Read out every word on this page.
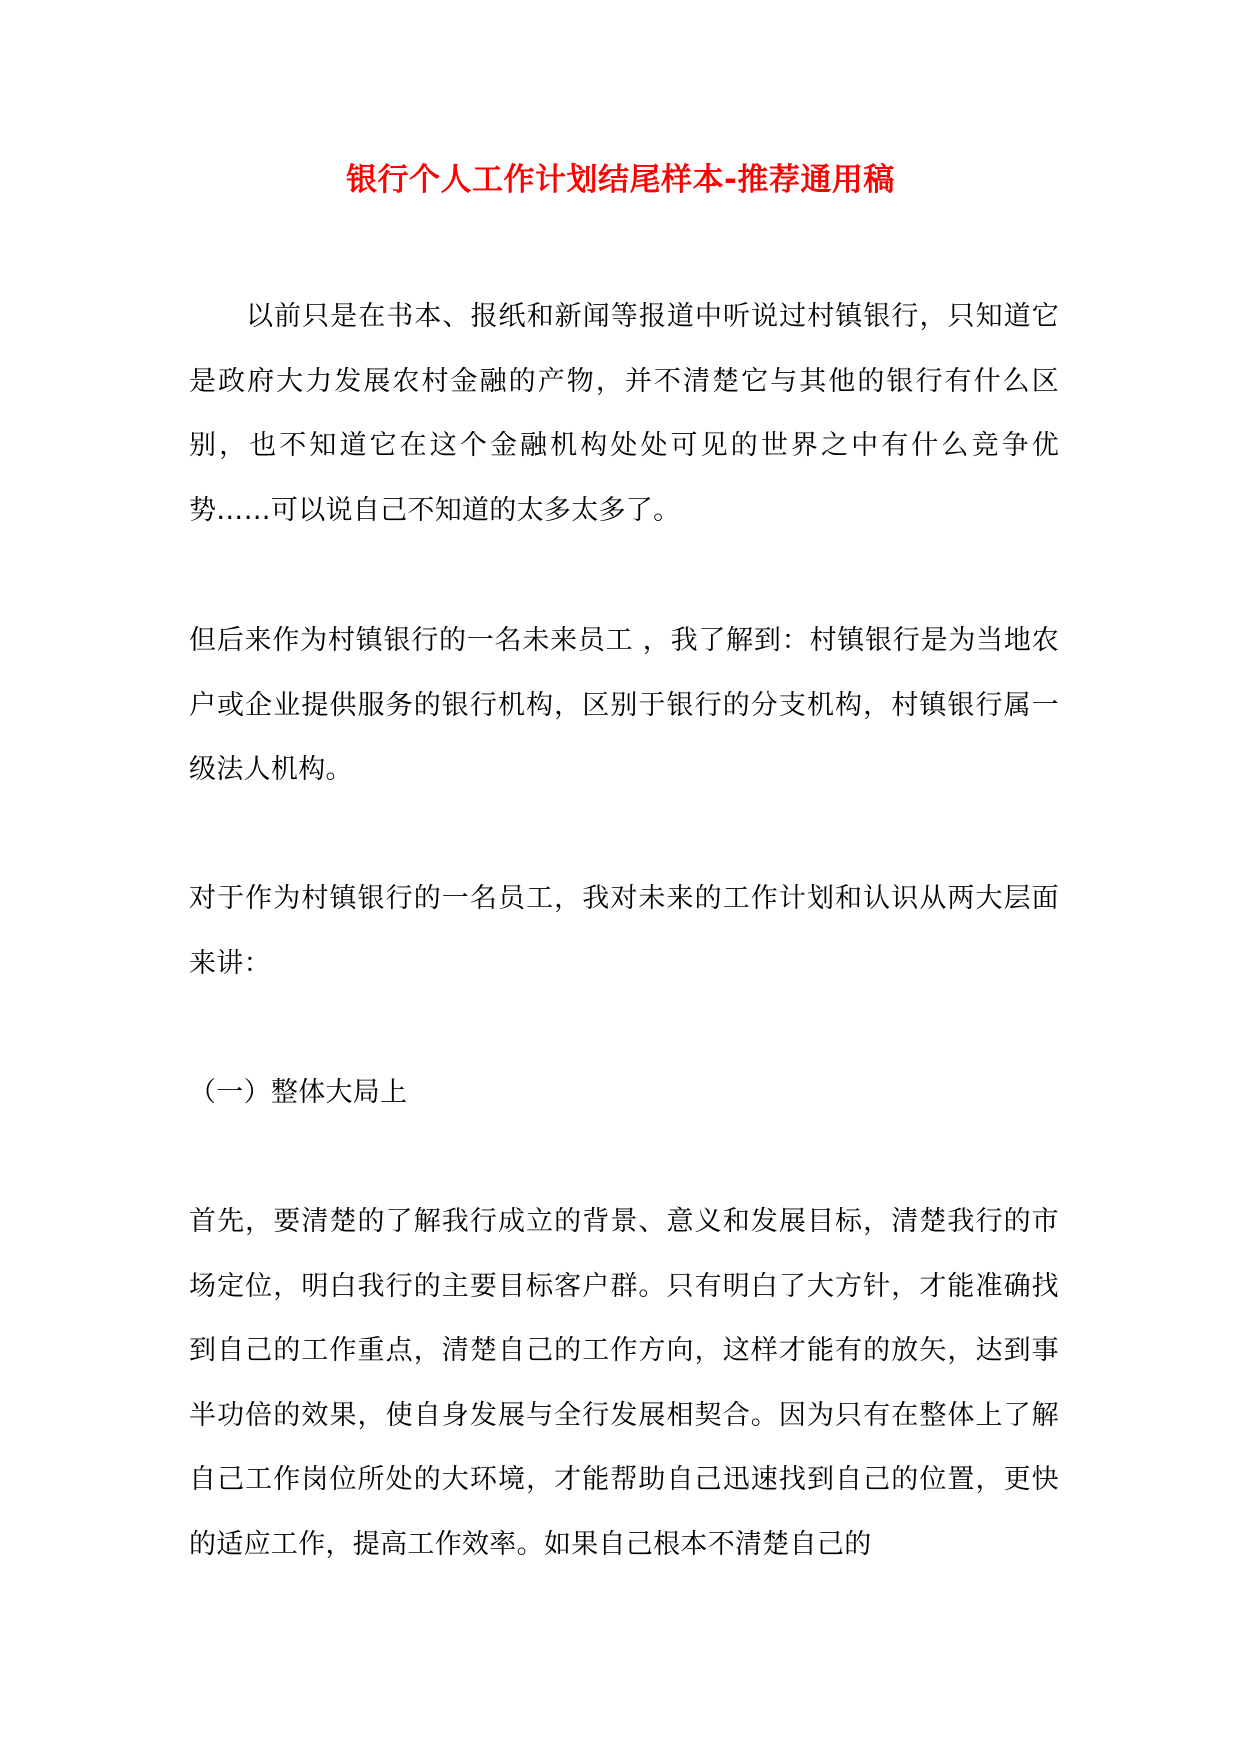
银行个人工作计划结尾样本-推荐通用稿

以前只是在书本、报纸和新闻等报道中听说过村镇银行，只知道它是政府大力发展农村金融的产物，并不清楚它与其他的银行有什么区别，也不知道它在这个金融机构处处可见的世界之中有什么竞争优势……可以说自己不知道的太多太多了。

但后来作为村镇银行的一名未来员工 ，我了解到：村镇银行是为当地农户或企业提供服务的银行机构，区别于银行的分支机构，村镇银行属一级法人机构。

对于作为村镇银行的一名员工，我对未来的工作计划和认识从两大层面来讲：

（一）整体大局上

首先，要清楚的了解我行成立的背景、意义和发展目标，清楚我行的市场定位，明白我行的主要目标客户群。只有明白了大方针，才能准确找到自己的工作重点，清楚自己的工作方向，这样才能有的放矢，达到事半功倍的效果，使自身发展与全行发展相契合。因为只有在整体上了解自己工作岗位所处的大环境，才能帮助自己迅速找到自己的位置，更快的适应工作，提高工作效率。如果自己根本不清楚自己的
